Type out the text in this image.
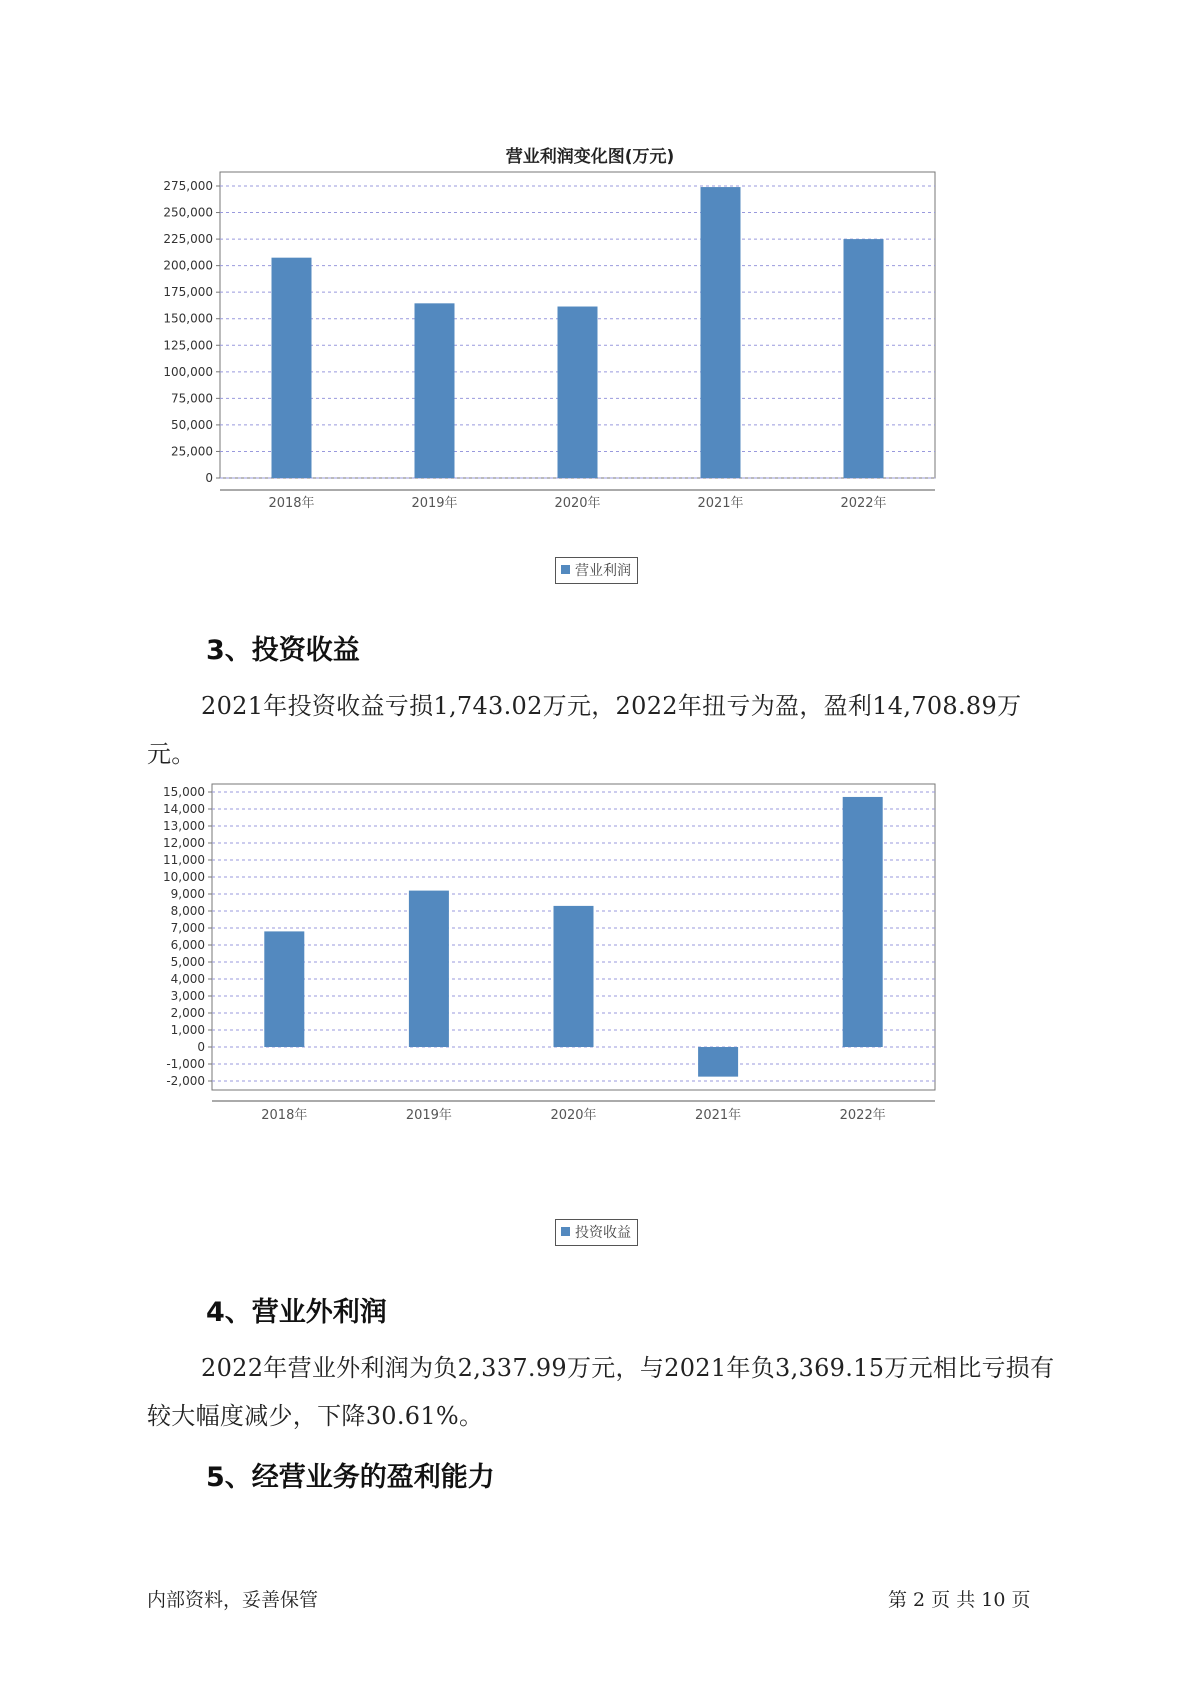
营业利润变化图(万元)
0
25,000
50,000
75,000
100,000
125,000
150,000
175,000
200,000
225,000
250,000
275,000
2018年	2019年	2020年	2021年	2022年
营业利润
3、投资收益
2021年投资收益亏损1,743.02万元，2022年扭亏为盈，盈利14,708.89万元。
-2,000
-1,000
0
1,000
2,000
3,000
4,000
5,000
6,000
7,000
8,000
9,000
10,000
11,000
12,000
13,000
14,000
15,000
2018年	2019年	2020年	2021年	2022年
投资收益
4、营业外利润
2022年营业外利润为负2,337.99万元，与2021年负3,369.15万元相比亏损有较大幅度减少，下降30.61%。
5、经营业务的盈利能力
内部资料，妥善保管	第 2 页 共 10 页
